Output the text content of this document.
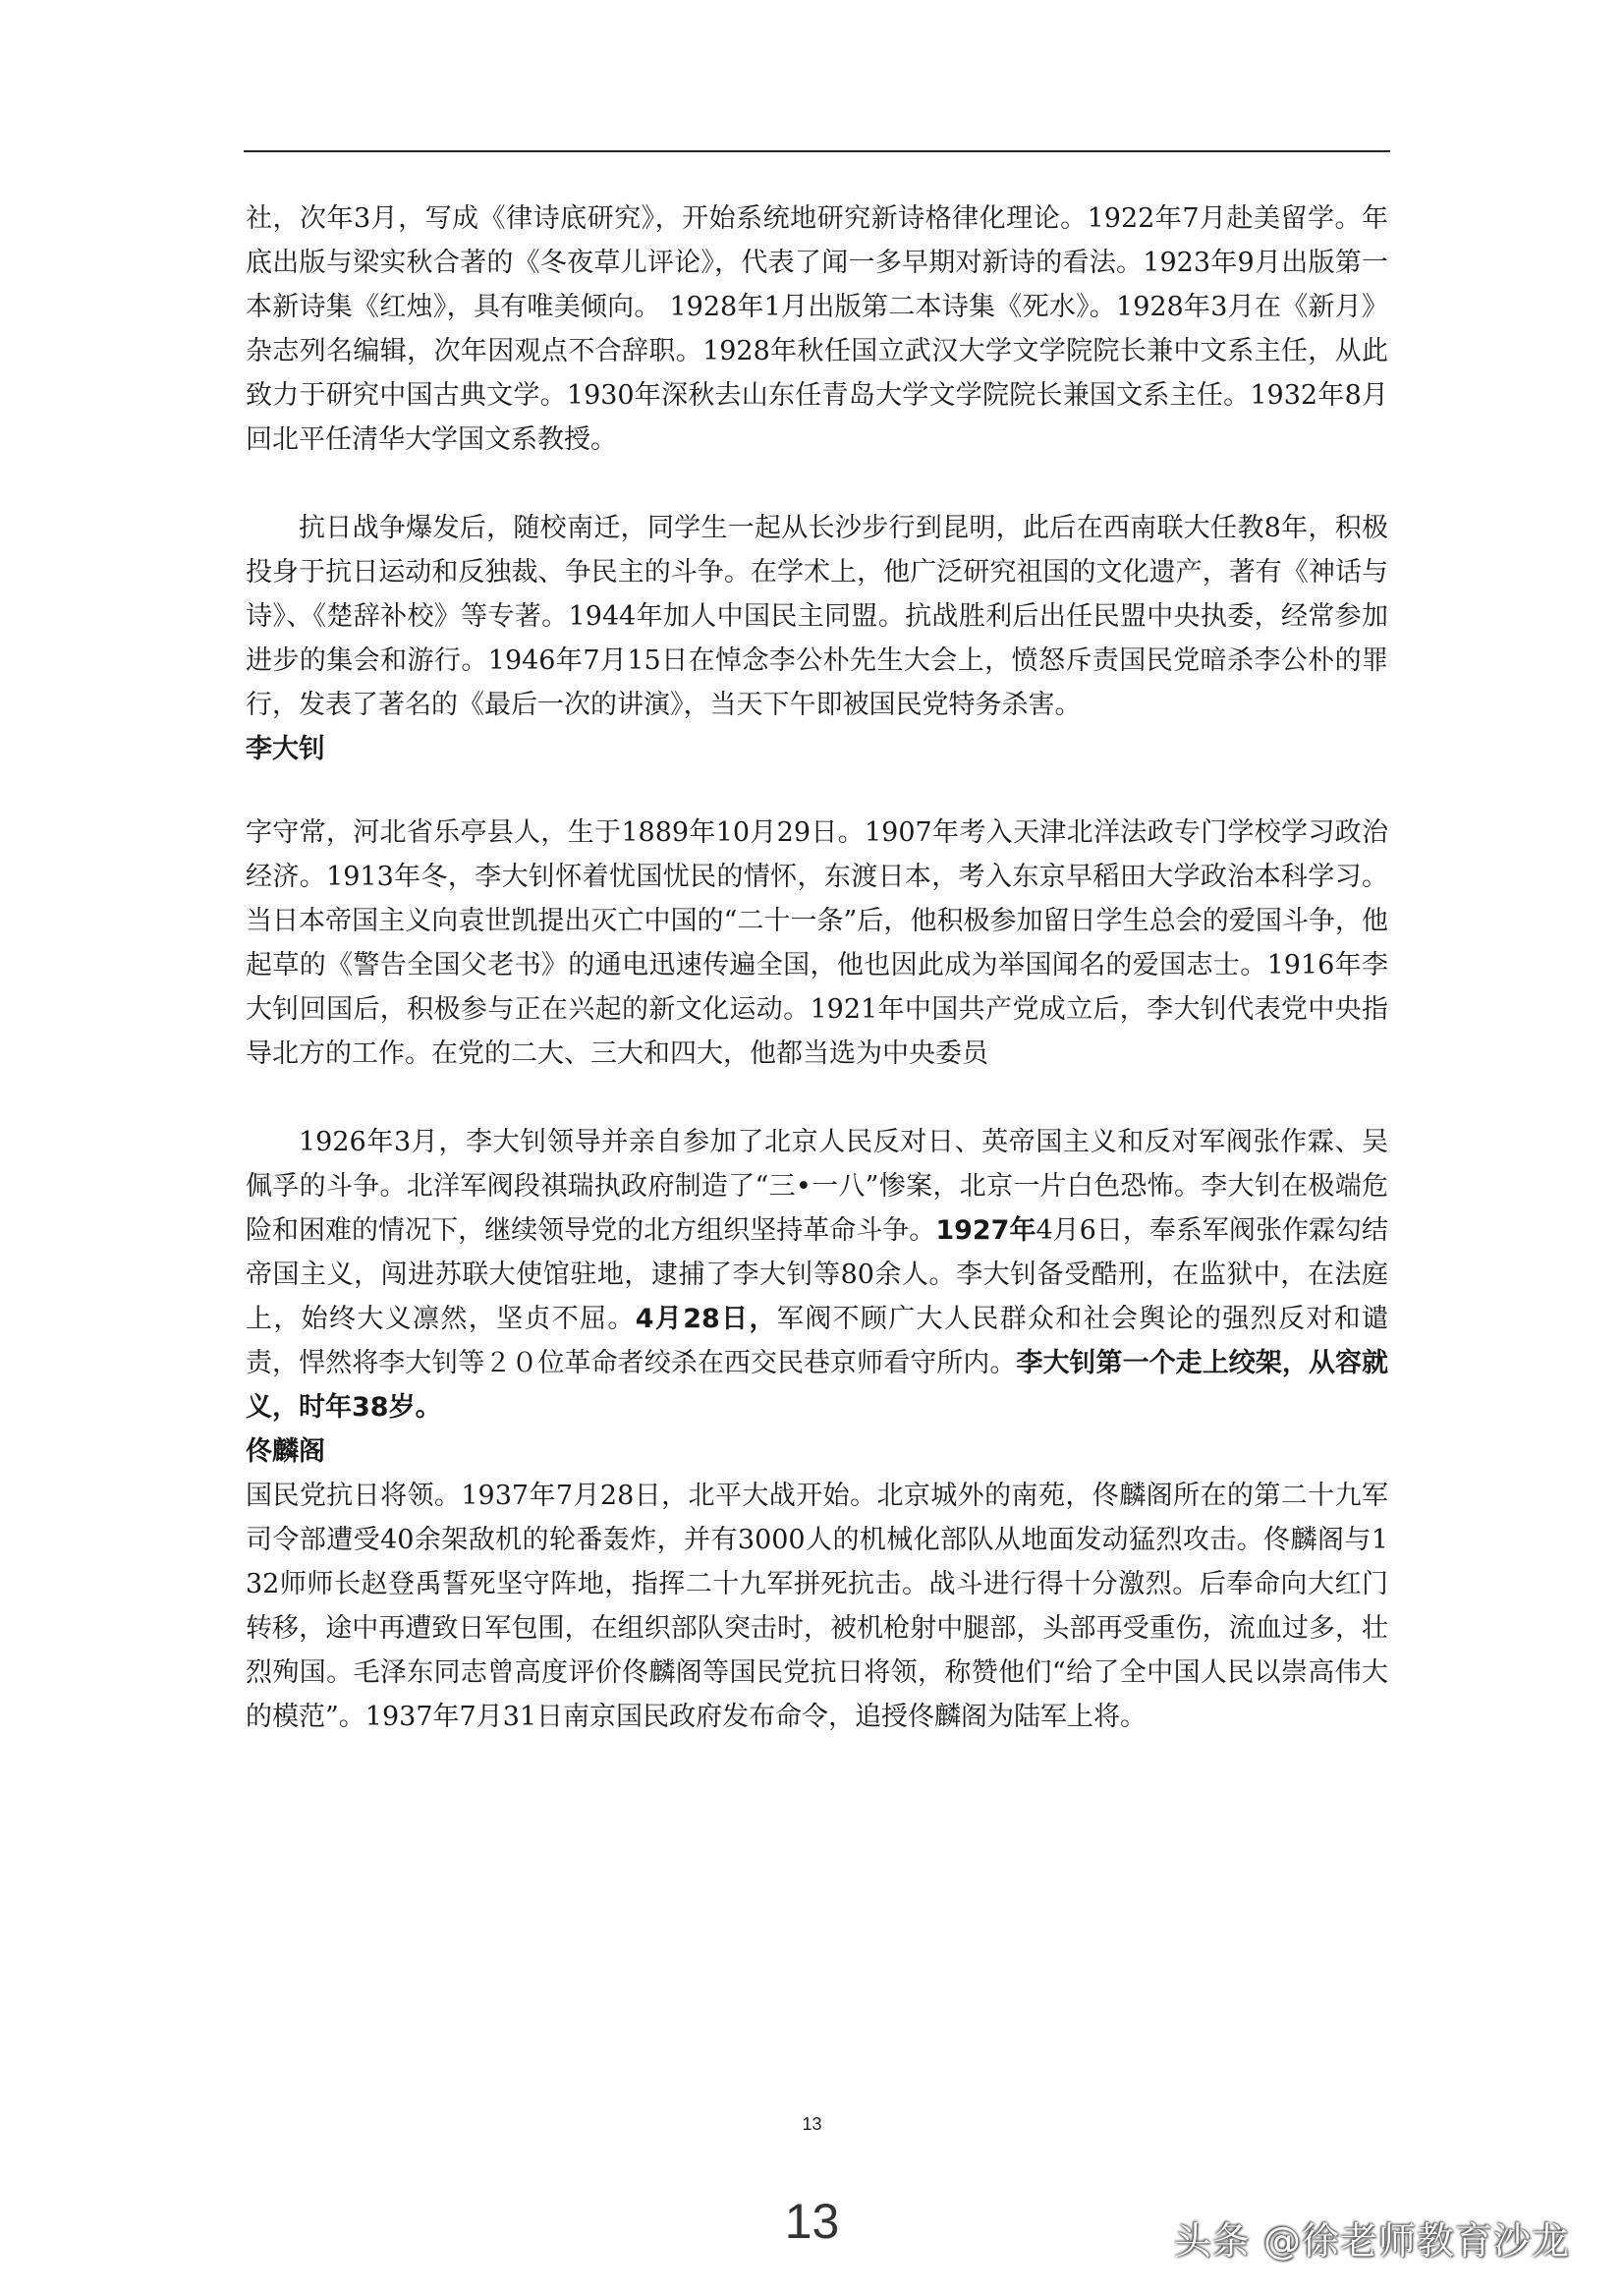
社，次年3月，写成《律诗底研究》，开始系统地研究新诗格律化理论。1922年7月赴美留学。年底出版与梁实秋合著的《冬夜草儿评论》，代表了闻一多早期对新诗的看法。1923年9月出版第一本新诗集《红烛》，具有唯美倾向。 1928年1月出版第二本诗集《死水》。1928年3月在《新月》杂志列名编辑，次年因观点不合辞职。1928年秋任国立武汉大学文学院院长兼中文系主任，从此致力于研究中国古典文学。1930年深秋去山东任青岛大学文学院院长兼国文系主任。1932年8月回北平任清华大学国文系教授。

抗日战争爆发后，随校南迁，同学生一起从长沙步行到昆明，此后在西南联大任教8年，积极投身于抗日运动和反独裁、争民主的斗争。在学术上，他广泛研究祖国的文化遗产，著有《神话与诗》、《楚辞补校》等专著。1944年加人中国民主同盟。抗战胜利后出任民盟中央执委，经常参加进步的集会和游行。1946年7月15日在悼念李公朴先生大会上，愤怒斥责国民党暗杀李公朴的罪行，发表了著名的《最后一次的讲演》，当天下午即被国民党特务杀害。

李大钊

字守常，河北省乐亭县人，生于1889年10月29日。1907年考入天津北洋法政专门学校学习政治经济。1913年冬，李大钊怀着忧国忧民的情怀，东渡日本，考入东京早稻田大学政治本科学习。当日本帝国主义向袁世凯提出灭亡中国的“二十一条”后，他积极参加留日学生总会的爱国斗争，他起草的《警告全国父老书》的通电迅速传遍全国，他也因此成为举国闻名的爱国志士。1916年李大钊回国后，积极参与正在兴起的新文化运动。1921年中国共产党成立后，李大钊代表党中央指导北方的工作。在党的二大、三大和四大，他都当选为中央委员

1926年3月，李大钊领导并亲自参加了北京人民反对日、英帝国主义和反对军阀张作霖、吴佩孚的斗争。北洋军阀段祺瑞执政府制造了“三•一八”惨案，北京一片白色恐怖。李大钊在极端危险和困难的情况下，继续领导党的北方组织坚持革命斗争。1927年4月6日，奉系军阀张作霖勾结帝国主义，闯进苏联大使馆驻地，逮捕了李大钊等80余人。李大钊备受酷刑，在监狱中，在法庭上，始终大义凛然，坚贞不屈。4月28日，军阀不顾广大人民群众和社会舆论的强烈反对和谴责，悍然将李大钊等２０位革命者绞杀在西交民巷京师看守所内。李大钊第一个走上绞架，从容就义，时年38岁。

佟麟阁

国民党抗日将领。1937年7月28日，北平大战开始。北京城外的南苑，佟麟阁所在的第二十九军司令部遭受40余架敌机的轮番轰炸，并有3000人的机械化部队从地面发动猛烈攻击。佟麟阁与132师师长赵登禹誓死坚守阵地，指挥二十九军拼死抗击。战斗进行得十分激烈。后奉命向大红门转移，途中再遭致日军包围，在组织部队突击时，被机枪射中腿部，头部再受重伤，流血过多，壮烈殉国。毛泽东同志曾高度评价佟麟阁等国民党抗日将领，称赞他们“给了全中国人民以崇高伟大的模范”。1937年7月31日南京国民政府发布命令，追授佟麟阁为陆军上将。

13
13	头条 @徐老师教育沙龙
